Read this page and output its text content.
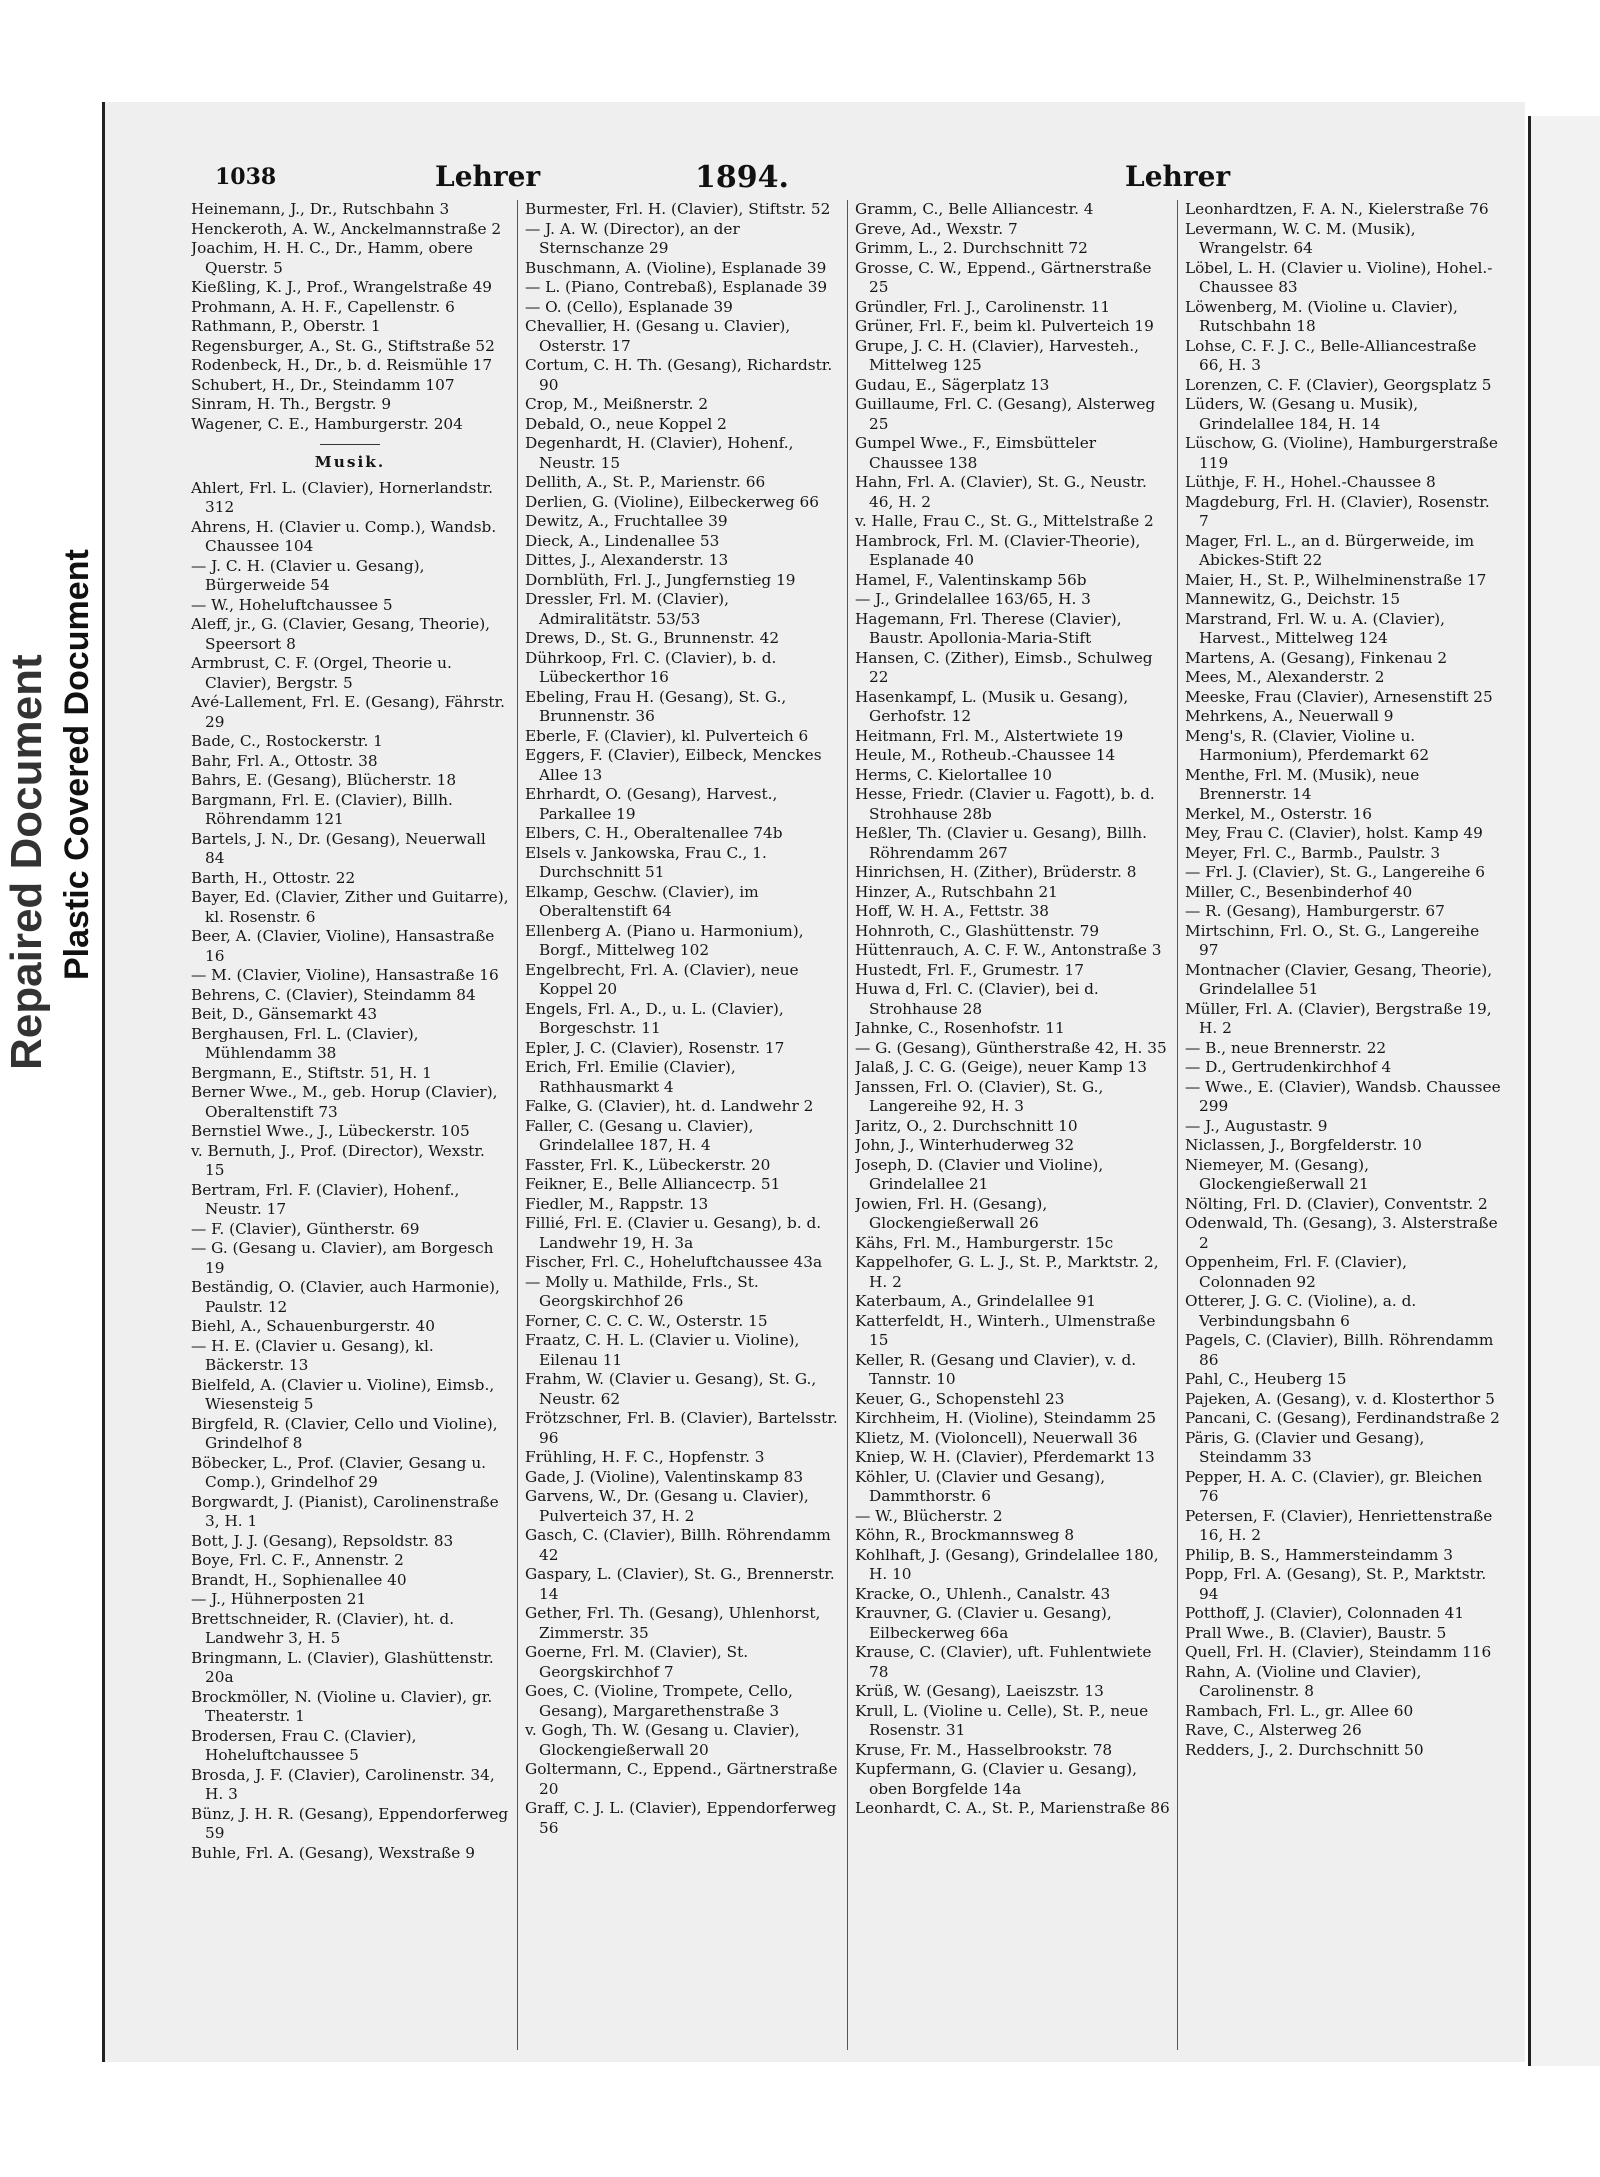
Repaired Document Plastic Covered Document
1038	Lehrer	1894.	Lehrer
Heinemann, J., Dr., Rutschbahn 3
Henckeroth, A. W., Anckelmannstraße 2
Joachim, H. H. C., Dr., Hamm, obere Querstr. 5
Kießling, K. J., Prof., Wrangelstraße 49
Prohmann, A. H. F., Capellenstr. 6
Rathmann, P., Oberstr. 1
Regensburger, A., St. G., Stiftstraße 52
Rodenbeck, H., Dr., b. d. Reismühle 17
Schubert, H., Dr., Steindamm 107
Sinram, H. Th., Bergstr. 9
Wagener, C. E., Hamburgerstr. 204
Musik.
Ahlert, Frl. L. (Clavier), Hornerlandstr. 312
Ahrens, H. (Clavier u. Comp.), Wandsb. Chaussee 104
— J. C. H. (Clavier u. Gesang), Bürgerweide 54
— W., Hoheluftchaussee 5
Aleff, jr., G. (Clavier, Gesang, Theorie), Speersort 8
Armbrust, C. F. (Orgel, Theorie u. Clavier), Bergstr. 5
Avé-Lallement, Frl. E. (Gesang), Fährstr. 29
Bade, C., Rostockerstr. 1
Bahr, Frl. A., Ottostr. 38
Bahrs, E. (Gesang), Blücherstr. 18
Bargmann, Frl. E. (Clavier), Billh. Röhrendamm 121
Bartels, J. N., Dr. (Gesang), Neuerwall 84
Barth, H., Ottostr. 22
Bayer, Ed. (Clavier, Zither und Guitarre), kl. Rosenstr. 6
Beer, A. (Clavier, Violine), Hansastraße 16
— M. (Clavier, Violine), Hansastraße 16
Behrens, C. (Clavier), Steindamm 84
Beit, D., Gänsemarkt 43
Berghausen, Frl. L. (Clavier), Mühlendamm 38
Bergmann, E., Stiftstr. 51, H. 1
Berner Wwe., M., geb. Horup (Clavier), Oberaltenstift 73
Bernstiel Wwe., J., Lübeckerstr. 105
v. Bernuth, J., Prof. (Director), Wexstr. 15
Bertram, Frl. F. (Clavier), Hohenf., Neustr. 17
— F. (Clavier), Güntherstr. 69
— G. (Gesang u. Clavier), am Borgesch 19
Beständig, O. (Clavier, auch Harmonie), Paulstr. 12
Biehl, A., Schauenburgerstr. 40
— H. E. (Clavier u. Gesang), kl. Bäckerstr. 13
Bielfeld, A. (Clavier u. Violine), Eimsb., Wiesensteig 5
Birgfeld, R. (Clavier, Cello und Violine), Grindelhof 8
Böbecker, L., Prof. (Clavier, Gesang u. Comp.), Grindelhof 29
Borgwardt, J. (Pianist), Carolinenstraße 3, H. 1
Bott, J. J. (Gesang), Repsoldstr. 83
Boye, Frl. C. F., Annenstr. 2
Brandt, H., Sophienallee 40
— J., Hühnerposten 21
Brettschneider, R. (Clavier), ht. d. Landwehr 3, H. 5
Bringmann, L. (Clavier), Glashüttenstr. 20a
Brockmöller, N. (Violine u. Clavier), gr. Theaterstr. 1
Brodersen, Frau C. (Clavier), Hoheluftchaussee 5
Brosda, J. F. (Clavier), Carolinenstr. 34, H. 3
Bünz, J. H. R. (Gesang), Eppendorferweg 59
Buhle, Frl. A. (Gesang), Wexstraße 9
Burmester, Frl. H. (Clavier), Stiftstr. 52
— J. A. W. (Director), an der Sternschanze 29
Buschmann, A. (Violine), Esplanade 39
— L. (Piano, Contrebaß), Esplanade 39
— O. (Cello), Esplanade 39
Chevallier, H. (Gesang u. Clavier), Osterstr. 17
Cortum, C. H. Th. (Gesang), Richardstr. 90
Crop, M., Meißnerstr. 2
Debald, O., neue Koppel 2
Degenhardt, H. (Clavier), Hohenf., Neustr. 15
Dellith, A., St. P., Marienstr. 66
Derlien, G. (Violine), Eilbeckerweg 66
Dewitz, A., Fruchtallee 39
Dieck, A., Lindenallee 53
Dittes, J., Alexanderstr. 13
Dornblüth, Frl. J., Jungfernstieg 19
Dressler, Frl. M. (Clavier), Admiralitätstr. 53/53
Drews, D., St. G., Brunnenstr. 42
Dührkoop, Frl. C. (Clavier), b. d. Lübeckerthor 16
Ebeling, Frau H. (Gesang), St. G., Brunnenstr. 36
Eberle, F. (Clavier), kl. Pulverteich 6
Eggers, F. (Clavier), Eilbeck, Menckes Allee 13
Ehrhardt, O. (Gesang), Harvest., Parkallee 19
Elbers, C. H., Oberaltenallee 74b
Elsels v. Jankowska, Frau C., 1. Durchschnitt 51
Elkamp, Geschw. (Clavier), im Oberaltenstift 64
Ellenberg A. (Piano u. Harmonium), Borgf., Mittelweg 102
Engelbrecht, Frl. A. (Clavier), neue Koppel 20
Engels, Frl. A., D., u. L. (Clavier), Borgeschstr. 11
Epler, J. C. (Clavier), Rosenstr. 17
Erich, Frl. Emilie (Clavier), Rathhausmarkt 4
Falke, G. (Clavier), ht. d. Landwehr 2
Faller, C. (Gesang u. Clavier), Grindelallee 187, H. 4
Fasster, Frl. K., Lübeckerstr. 20
Feikner, E., Belle Allianceстр. 51
Fiedler, M., Rappstr. 13
Fillié, Frl. E. (Clavier u. Gesang), b. d. Landwehr 19, H. 3a
Fischer, Frl. C., Hoheluftchaussee 43a
— Molly u. Mathilde, Frls., St. Georgskirchhof 26
Forner, C. C. C. W., Osterstr. 15
Fraatz, C. H. L. (Clavier u. Violine), Eilenau 11
Frahm, W. (Clavier u. Gesang), St. G., Neustr. 62
Frötzschner, Frl. B. (Clavier), Bartelsstr. 96
Frühling, H. F. C., Hopfenstr. 3
Gade, J. (Violine), Valentinskamp 83
Garvens, W., Dr. (Gesang u. Clavier), Pulverteich 37, H. 2
Gasch, C. (Clavier), Billh. Röhrendamm 42
Gaspary, L. (Clavier), St. G., Brennerstr. 14
Gether, Frl. Th. (Gesang), Uhlenhorst, Zimmerstr. 35
Goerne, Frl. M. (Clavier), St. Georgskirchhof 7
Goes, C. (Violine, Trompete, Cello, Gesang), Margarethenstraße 3
v. Gogh, Th. W. (Gesang u. Clavier), Glockengießerwall 20
Goltermann, C., Eppend., Gärtnerstraße 20
Graff, C. J. L. (Clavier), Eppendorferweg 56
Gramm, C., Belle Alliancestr. 4
Greve, Ad., Wexstr. 7
Grimm, L., 2. Durchschnitt 72
Grosse, C. W., Eppend., Gärtnerstraße 25
Gründler, Frl. J., Carolinenstr. 11
Grüner, Frl. F., beim kl. Pulverteich 19
Grupe, J. C. H. (Clavier), Harvesteh., Mittelweg 125
Gudau, E., Sägerplatz 13
Guillaume, Frl. C. (Gesang), Alsterweg 25
Gumpel Wwe., F., Eimsbütteler Chaussee 138
Hahn, Frl. A. (Clavier), St. G., Neustr. 46, H. 2
v. Halle, Frau C., St. G., Mittelstraße 2
Hambrock, Frl. M. (Clavier-Theorie), Esplanade 40
Hamel, F., Valentinskamp 56b
— J., Grindelallee 163/65, H. 3
Hagemann, Frl. Therese (Clavier), Baustr. Apollonia-Maria-Stift
Hansen, C. (Zither), Eimsb., Schulweg 22
Hasenkampf, L. (Musik u. Gesang), Gerhofstr. 12
Heitmann, Frl. M., Alstertwiete 19
Heule, M., Rotheub.-Chaussee 14
Herms, C. Kielortallee 10
Hesse, Friedr. (Clavier u. Fagott), b. d. Strohhause 28b
Heßler, Th. (Clavier u. Gesang), Billh. Röhrendamm 267
Hinrichsen, H. (Zither), Brüderstr. 8
Hinzer, A., Rutschbahn 21
Hoff, W. H. A., Fettstr. 38
Hohnroth, C., Glashüttenstr. 79
Hüttenrauch, A. C. F. W., Antonstraße 3
Hustedt, Frl. F., Grumestr. 17
Huwa d, Frl. C. (Clavier), bei d. Strohhause 28
Jahnke, C., Rosenhofstr. 11
— G. (Gesang), Güntherstraße 42, H. 35
Jalaß, J. C. G. (Geige), neuer Kamp 13
Janssen, Frl. O. (Clavier), St. G., Langereihe 92, H. 3
Jaritz, O., 2. Durchschnitt 10
John, J., Winterhuderweg 32
Joseph, D. (Clavier und Violine), Grindelallee 21
Jowien, Frl. H. (Gesang), Glockengießerwall 26
Kähs, Frl. M., Hamburgerstr. 15c
Kappelhofer, G. L. J., St. P., Marktstr. 2, H. 2
Katerbaum, A., Grindelallee 91
Katterfeldt, H., Winterh., Ulmenstraße 15
Keller, R. (Gesang und Clavier), v. d. Tannstr. 10
Keuer, G., Schopenstehl 23
Kirchheim, H. (Violine), Steindamm 25
Klietz, M. (Violoncell), Neuerwall 36
Kniep, W. H. (Clavier), Pferdemarkt 13
Köhler, U. (Clavier und Gesang), Dammthorstr. 6
— W., Blücherstr. 2
Köhn, R., Brockmannsweg 8
Kohlhaft, J. (Gesang), Grindelallee 180, H. 10
Kracke, O., Uhlenh., Canalstr. 43
Krauvner, G. (Clavier u. Gesang), Eilbeckerweg 66a
Krause, C. (Clavier), uft. Fuhlentwiete 78
Krüß, W. (Gesang), Laeiszstr. 13
Krull, L. (Violine u. Celle), St. P., neue Rosenstr. 31
Kruse, Fr. M., Hasselbrookstr. 78
Kupfermann, G. (Clavier u. Gesang), oben Borgfelde 14a
Leonhardt, C. A., St. P., Marienstraße 86
Leonhardtzen, F. A. N., Kielerstraße 76
Levermann, W. C. M. (Musik), Wrangelstr. 64
Löbel, L. H. (Clavier u. Violine), Hohel.-Chaussee 83
Löwenberg, M. (Violine u. Clavier), Rutschbahn 18
Lohse, C. F. J. C., Belle-Alliancestraße 66, H. 3
Lorenzen, C. F. (Clavier), Georgsplatz 5
Lüders, W. (Gesang u. Musik), Grindelallee 184, H. 14
Lüschow, G. (Violine), Hamburgerstraße 119
Lüthje, F. H., Hohel.-Chaussee 8
Magdeburg, Frl. H. (Clavier), Rosenstr. 7
Mager, Frl. L., an d. Bürgerweide, im Abickes-Stift 22
Maier, H., St. P., Wilhelminenstraße 17
Mannewitz, G., Deichstr. 15
Marstrand, Frl. W. u. A. (Clavier), Harvest., Mittelweg 124
Martens, A. (Gesang), Finkenau 2
Mees, M., Alexanderstr. 2
Meeske, Frau (Clavier), Arnesenstift 25
Mehrkens, A., Neuerwall 9
Meng's, R. (Clavier, Violine u. Harmonium), Pferdemarkt 62
Menthe, Frl. M. (Musik), neue Brennerstr. 14
Merkel, M., Osterstr. 16
Mey, Frau C. (Clavier), holst. Kamp 49
Meyer, Frl. C., Barmb., Paulstr. 3
— Frl. J. (Clavier), St. G., Langereihe 6
Miller, C., Besenbinderhof 40
— R. (Gesang), Hamburgerstr. 67
Mirtschinn, Frl. O., St. G., Langereihe 97
Montnacher (Clavier, Gesang, Theorie), Grindelallee 51
Müller, Frl. A. (Clavier), Bergstraße 19, H. 2
— B., neue Brennerstr. 22
— D., Gertrudenkirchhof 4
— Wwe., E. (Clavier), Wandsb. Chaussee 299
— J., Augustastr. 9
Niclassen, J., Borgfelderstr. 10
Niemeyer, M. (Gesang), Glockengießerwall 21
Nölting, Frl. D. (Clavier), Conventstr. 2
Odenwald, Th. (Gesang), 3. Alsterstraße 2
Oppenheim, Frl. F. (Clavier), Colonnaden 92
Otterer, J. G. C. (Violine), a. d. Verbindungsbahn 6
Pagels, C. (Clavier), Billh. Röhrendamm 86
Pahl, C., Heuberg 15
Pajeken, A. (Gesang), v. d. Klosterthor 5
Pancani, C. (Gesang), Ferdinandstraße 2
Päris, G. (Clavier und Gesang), Steindamm 33
Pepper, H. A. C. (Clavier), gr. Bleichen 76
Petersen, F. (Clavier), Henriettenstraße 16, H. 2
Philip, B. S., Hammersteindamm 3
Popp, Frl. A. (Gesang), St. P., Marktstr. 94
Potthoff, J. (Clavier), Colonnaden 41
Prall Wwe., B. (Clavier), Baustr. 5
Quell, Frl. H. (Clavier), Steindamm 116
Rahn, A. (Violine und Clavier), Carolinenstr. 8
Rambach, Frl. L., gr. Allee 60
Rave, C., Alsterweg 26
Redders, J., 2. Durchschnitt 50
